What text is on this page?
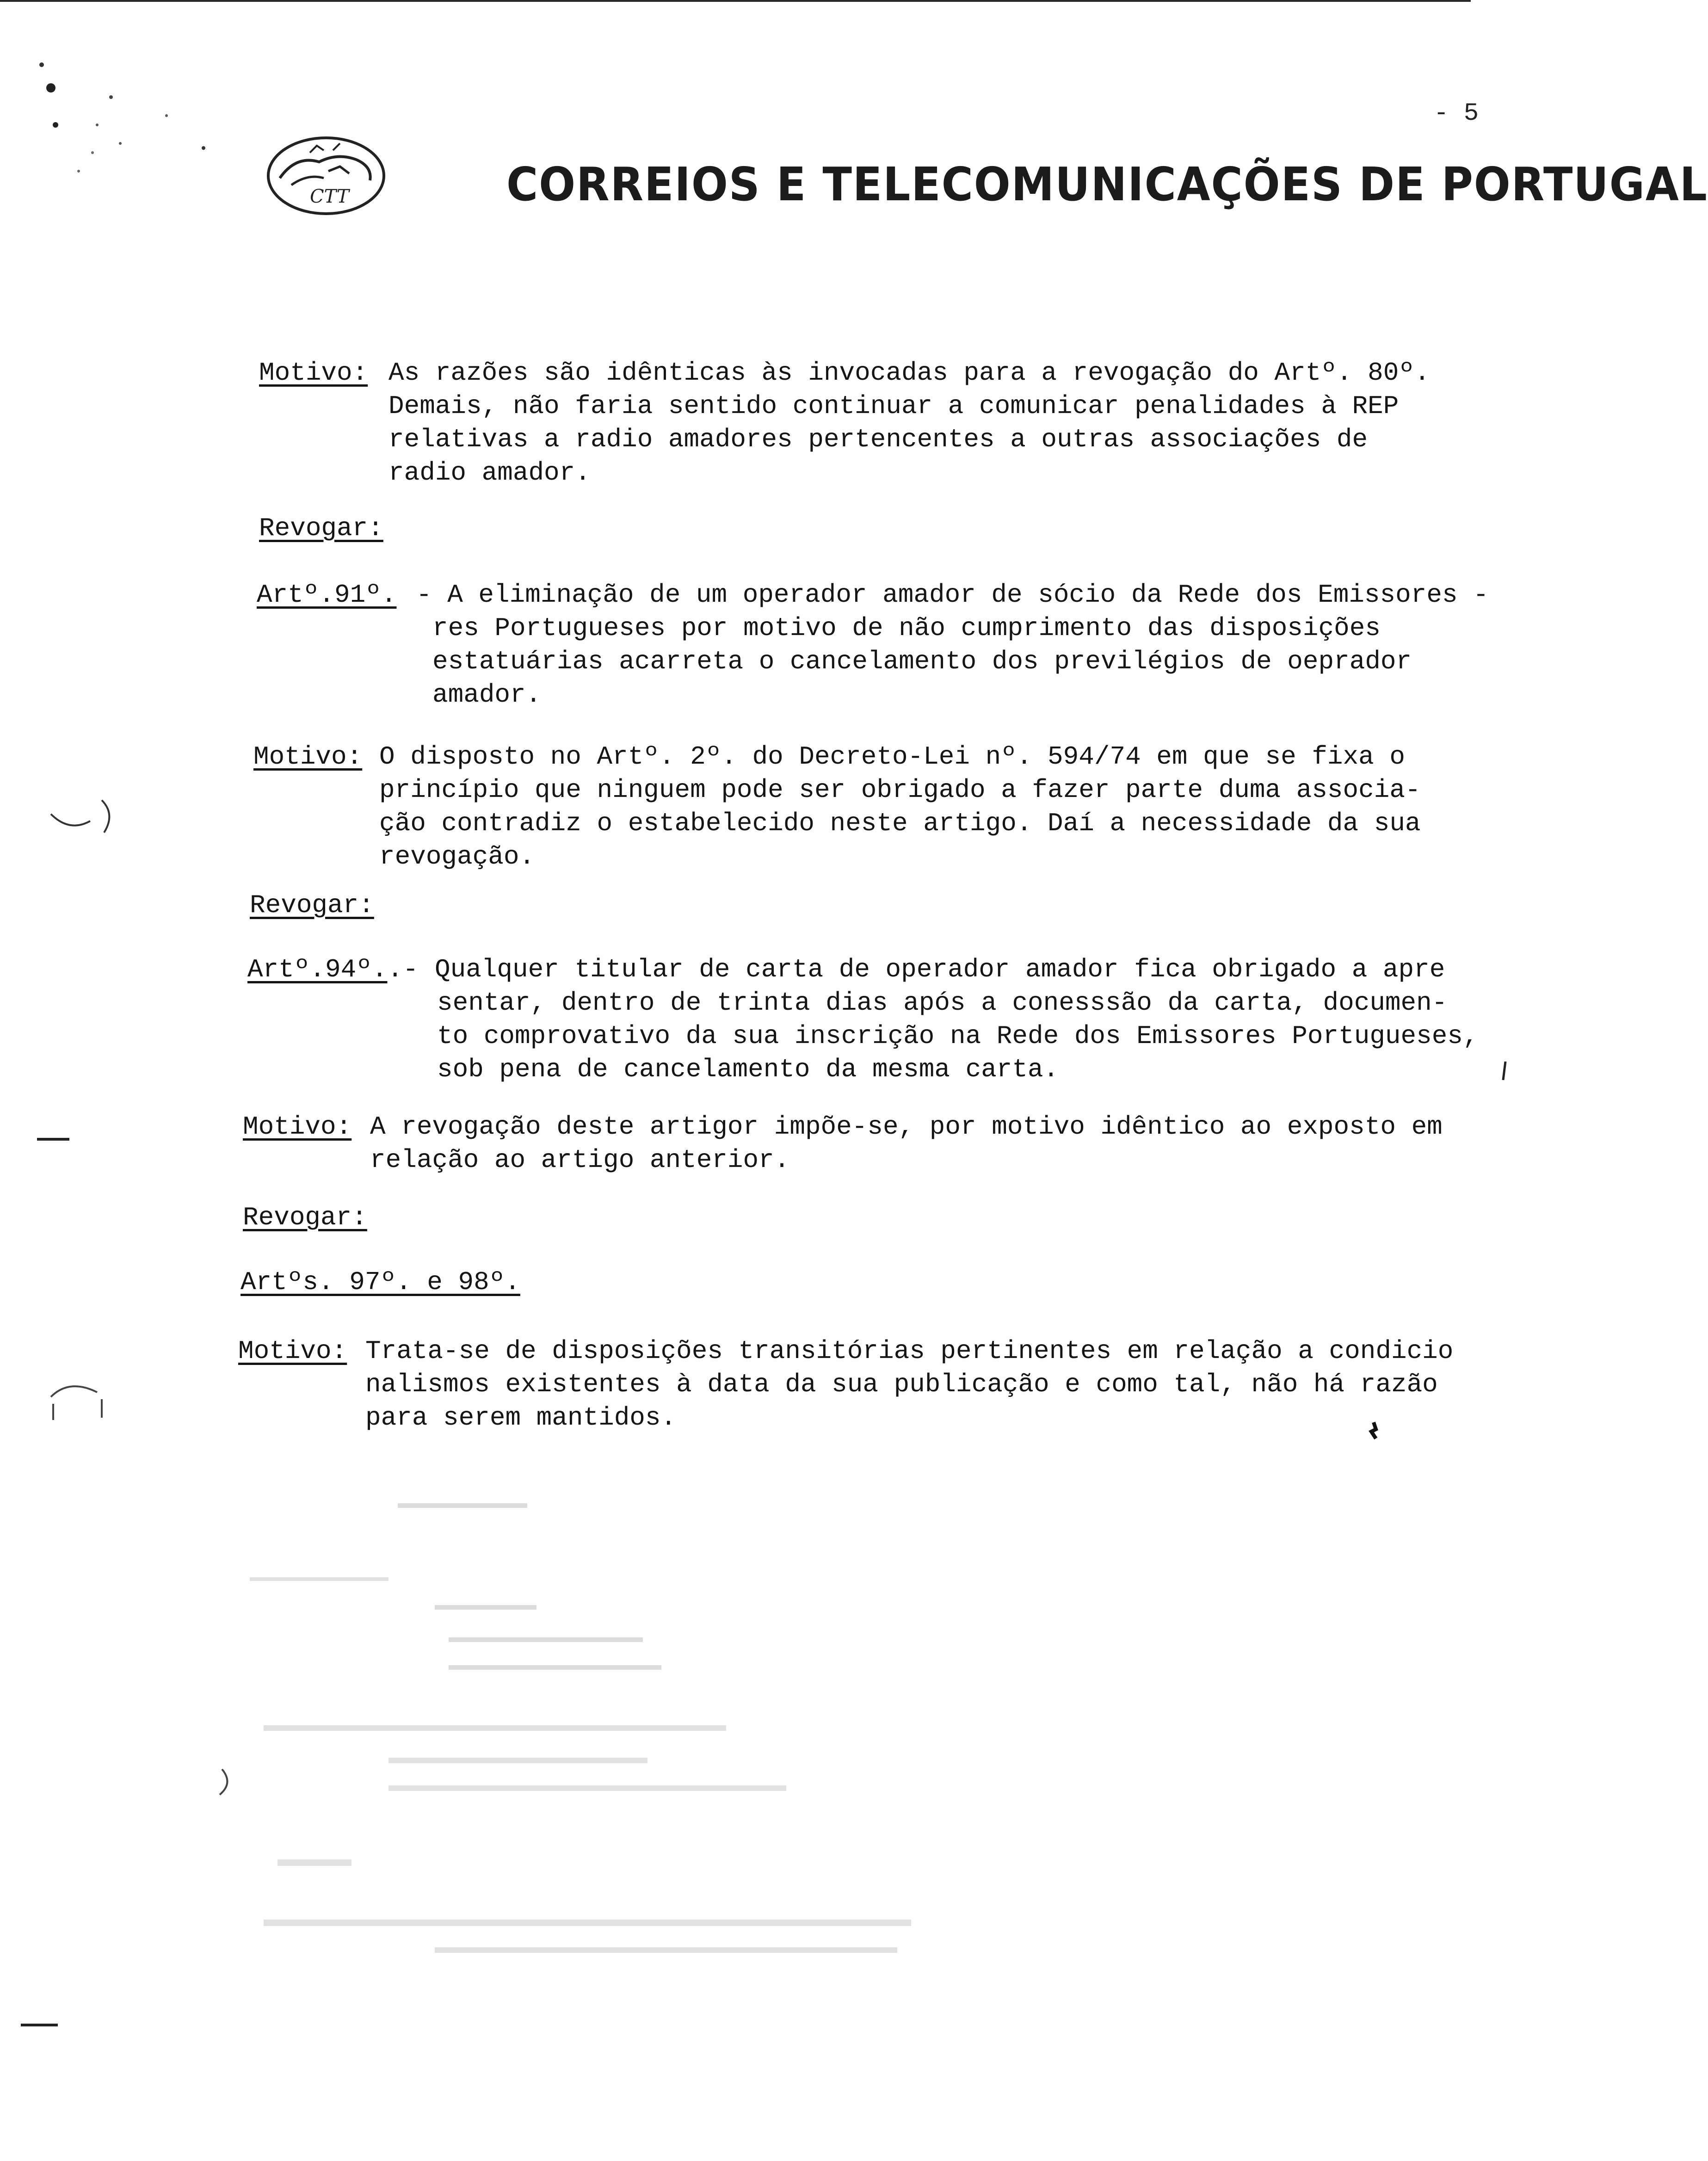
- 5
CTT	CORREIOS E TELECOMUNICAÇÕES DE PORTUGAL
Motivo: As razões são idênticas às invocadas para a revogação do Artº. 80º.
Demais, não faria sentido continuar a comunicar penalidades à REP
relativas a radio amadores pertencentes a outras associações de
radio amador.
Revogar:
Artº.91º. - A eliminação de um operador amador de sócio da Rede dos Emissores -
res Portugueses por motivo de não cumprimento das disposições
estatuárias acarreta o cancelamento dos previlégios de oeprador
amador.
Motivo: O disposto no Artº. 2º. do Decreto-Lei nº. 594/74 em que se fixa o
princípio que ninguem pode ser obrigado a fazer parte duma associa-
ção contradiz o estabelecido neste artigo. Daí a necessidade da sua
revogação.
Revogar:
Artº.94º..- Qualquer titular de carta de operador amador fica obrigado a apre
sentar, dentro de trinta dias após a conesssão da carta, documen-
to comprovativo da sua inscrição na Rede dos Emissores Portugueses,
sob pena de cancelamento da mesma carta.
Motivo: A revogação deste artigor impõe-se, por motivo idêntico ao exposto em
relação ao artigo anterior.
Revogar:
Artºs. 97º. e 98º.
Motivo: Trata-se de disposições transitórias pertinentes em relação a condicio
nalismos existentes à data da sua publicação e como tal, não há razão
para serem mantidos.
